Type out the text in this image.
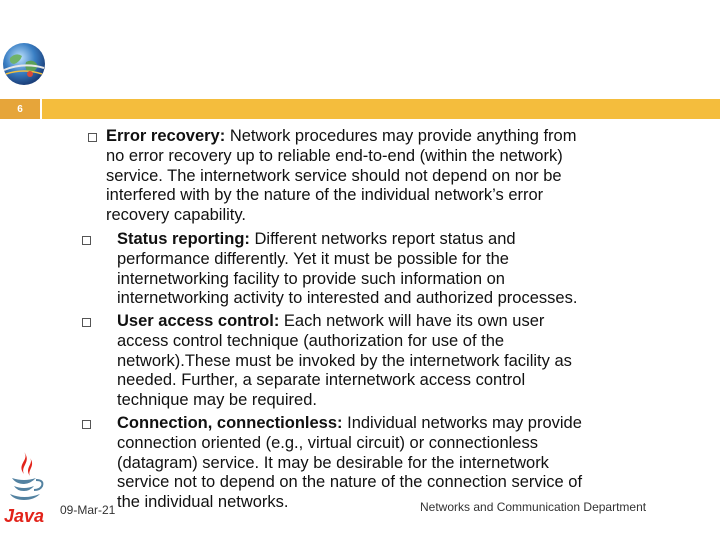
6
Error recovery: Network procedures may provide anything from
no error recovery up to reliable end-to-end (within the network)
service. The internetwork service should not depend on nor be
interfered with by the nature of the individual network’s error
recovery capability.
Status reporting: Different networks report status and
performance differently. Yet it must be possible for the
internetworking facility to provide such information on
internetworking activity to interested and authorized processes.
User access control: Each network will have its own user
access control technique (authorization for use of the
network).These must be invoked by the internetwork facility as
needed. Further, a separate internetwork access control
technique may be required.
Connection, connectionless: Individual networks may provide
connection oriented (e.g., virtual circuit) or connectionless
(datagram) service. It may be desirable for the internetwork
service not to depend on the nature of the connection service of
the individual networks.
Java 09-Mar-21	Networks and Communication Department
